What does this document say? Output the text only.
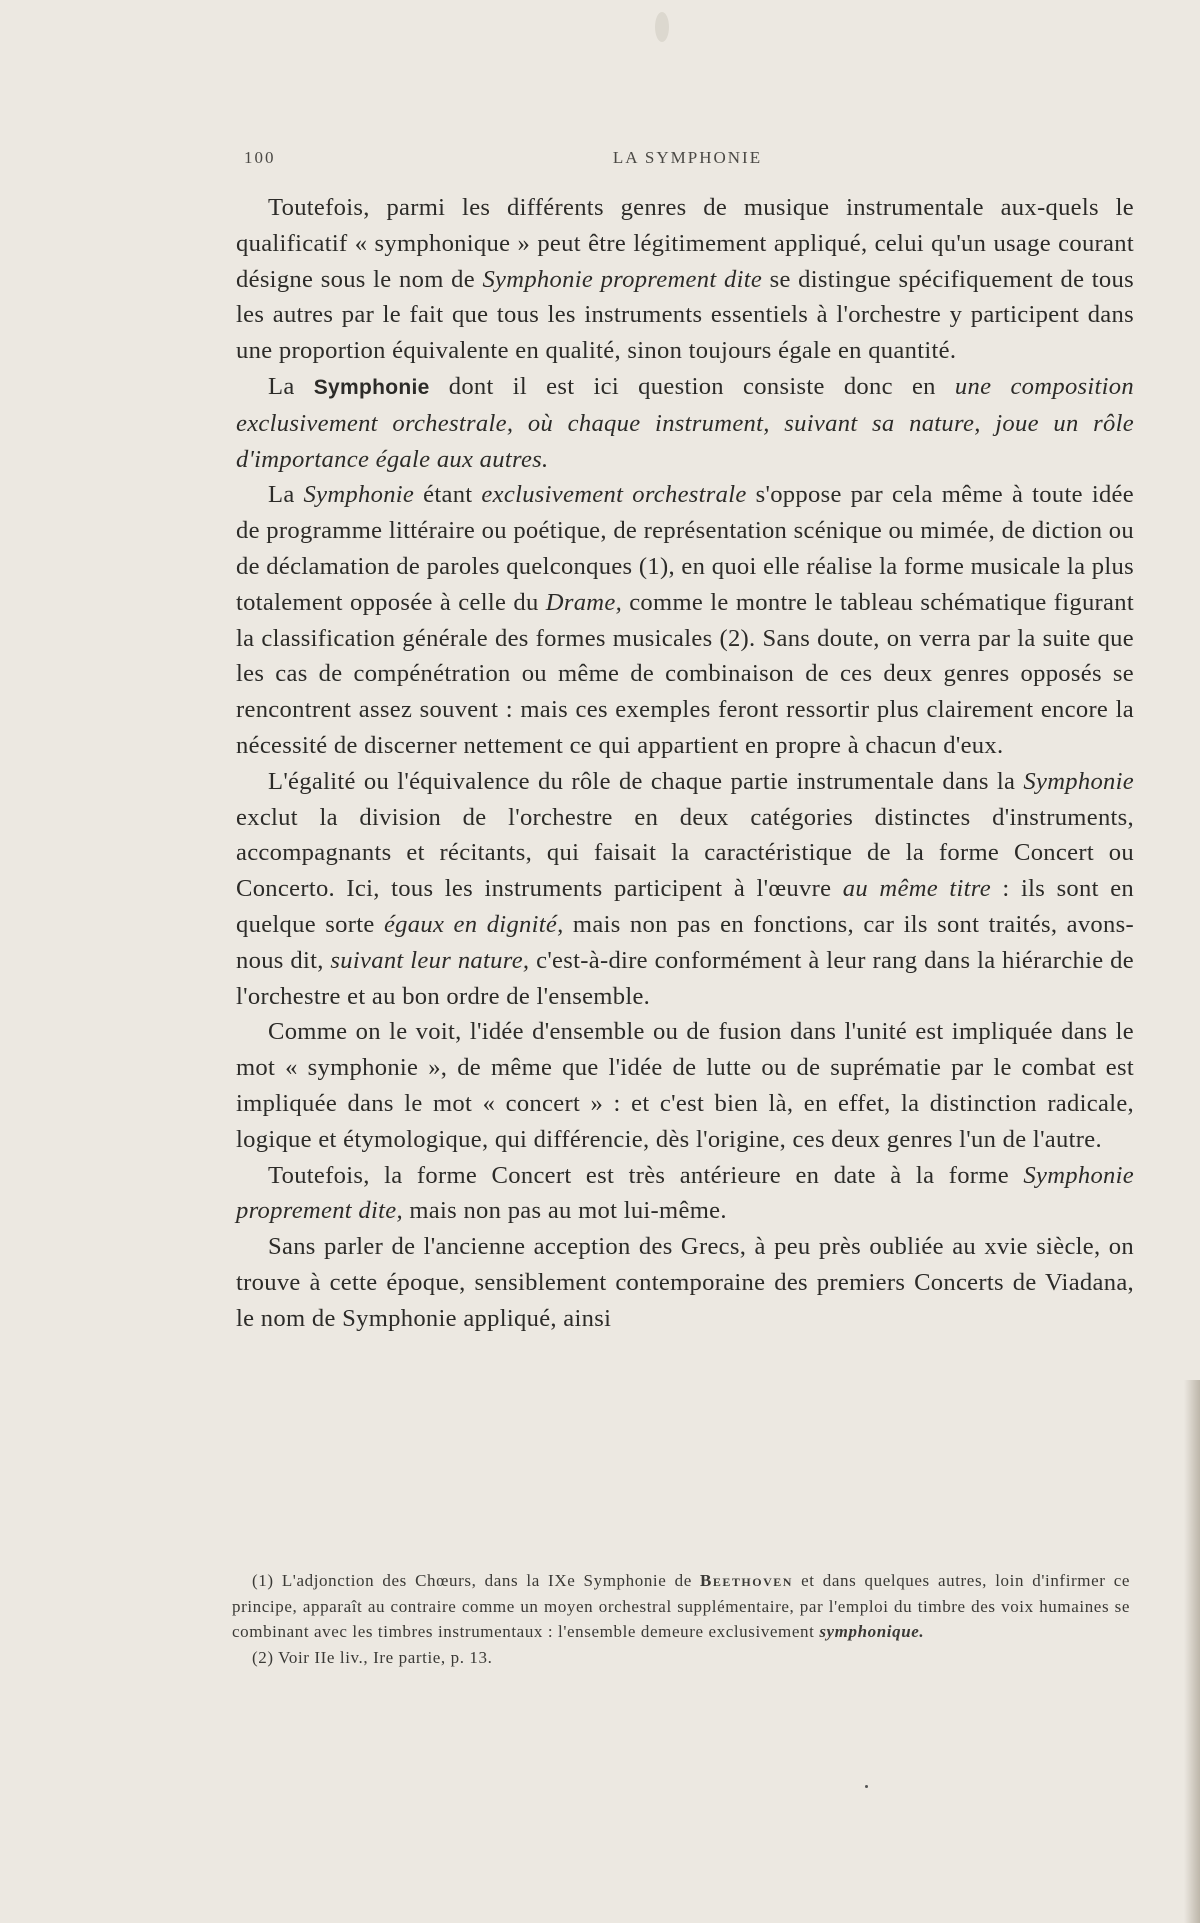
100	LA SYMPHONIE

Toutefois, parmi les différents genres de musique instrumentale aux-quels le qualificatif « symphonique » peut être légitimement appliqué, celui qu'un usage courant désigne sous le nom de Symphonie proprement dite se distingue spécifiquement de tous les autres par le fait que tous les instruments essentiels à l'orchestre y participent dans une proportion équivalente en qualité, sinon toujours égale en quantité.

La Symphonie dont il est ici question consiste donc en une composition exclusivement orchestrale, où chaque instrument, suivant sa nature, joue un rôle d'importance égale aux autres.

La Symphonie étant exclusivement orchestrale s'oppose par cela même à toute idée de programme littéraire ou poétique, de représentation scénique ou mimée, de diction ou de déclamation de paroles quelconques (1), en quoi elle réalise la forme musicale la plus totalement opposée à celle du Drame, comme le montre le tableau schématique figurant la classification générale des formes musicales (2). Sans doute, on verra par la suite que les cas de compénétration ou même de combinaison de ces deux genres opposés se rencontrent assez souvent : mais ces exemples feront ressortir plus clairement encore la nécessité de discerner nettement ce qui appartient en propre à chacun d'eux.

L'égalité ou l'équivalence du rôle de chaque partie instrumentale dans la Symphonie exclut la division de l'orchestre en deux catégories distinctes d'instruments, accompagnants et récitants, qui faisait la caractéristique de la forme Concert ou Concerto. Ici, tous les instruments participent à l'œuvre au même titre : ils sont en quelque sorte égaux en dignité, mais non pas en fonctions, car ils sont traités, avons-nous dit, suivant leur nature, c'est-à-dire conformément à leur rang dans la hiérarchie de l'orchestre et au bon ordre de l'ensemble.

Comme on le voit, l'idée d'ensemble ou de fusion dans l'unité est impliquée dans le mot « symphonie », de même que l'idée de lutte ou de suprématie par le combat est impliquée dans le mot « concert » : et c'est bien là, en effet, la distinction radicale, logique et étymologique, qui différencie, dès l'origine, ces deux genres l'un de l'autre.

Toutefois, la forme Concert est très antérieure en date à la forme Symphonie proprement dite, mais non pas au mot lui-même.

Sans parler de l'ancienne acception des Grecs, à peu près oubliée au xvie siècle, on trouve à cette époque, sensiblement contemporaine des premiers Concerts de Viadana, le nom de Symphonie appliqué, ainsi

(1) L'adjonction des Chœurs, dans la IXe Symphonie de Beethoven et dans quelques autres, loin d'infirmer ce principe, apparaît au contraire comme un moyen orchestral supplémentaire, par l'emploi du timbre des voix humaines se combinant avec les timbres instrumentaux : l'ensemble demeure exclusivement symphonique.

(2) Voir IIe liv., Ire partie, p. 13.
